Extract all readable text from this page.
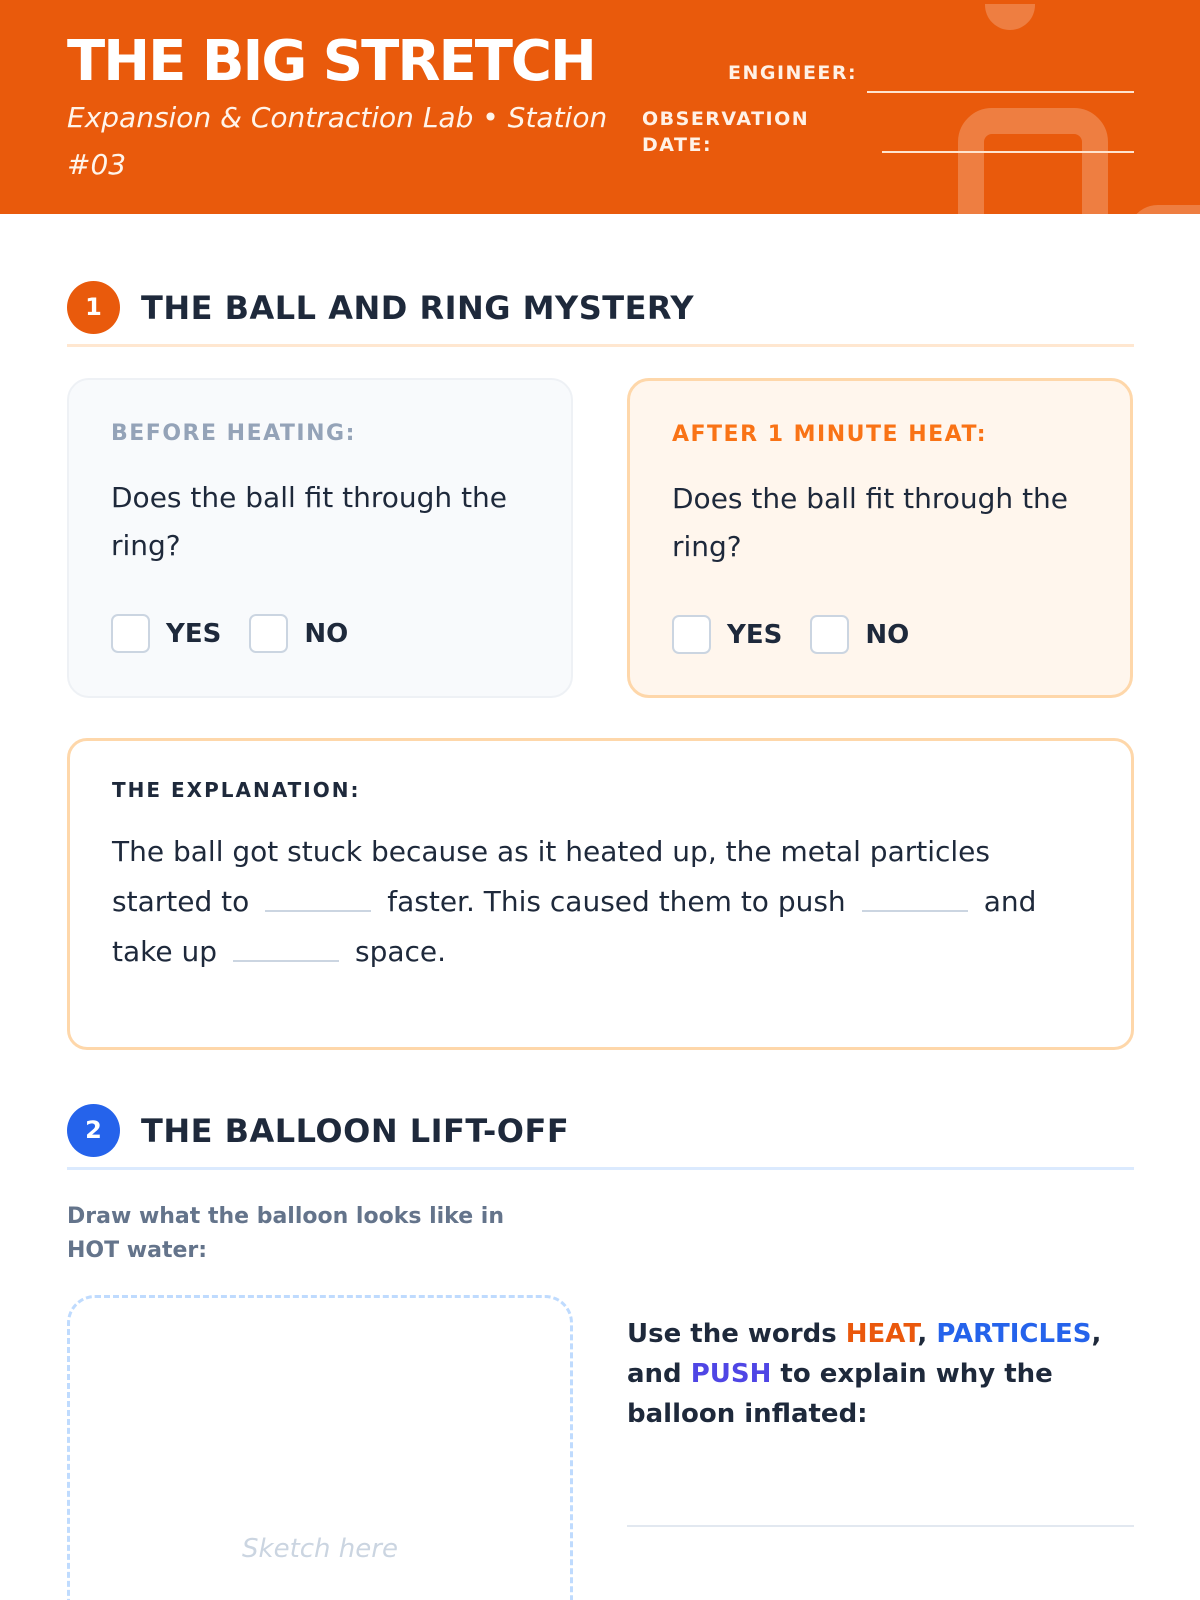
THE BIG STRETCH
Expansion & Contraction Lab • Station #03
ENGINEER:
OBSERVATION DATE:
1	THE BALL AND RING MYSTERY
BEFORE HEATING:
Does the ball fit through the ring?
YES	NO
AFTER 1 MINUTE HEAT:
Does the ball fit through the ring?
YES	NO
THE EXPLANATION:
The ball got stuck because as it heated up, the metal particles started to	faster. This caused them to push	and take up	space.
2	THE BALLOON LIFT-OFF
Draw what the balloon looks like in HOT water:
Sketch here
Use the words HEAT, PARTICLES, and PUSH to explain why the balloon inflated:
